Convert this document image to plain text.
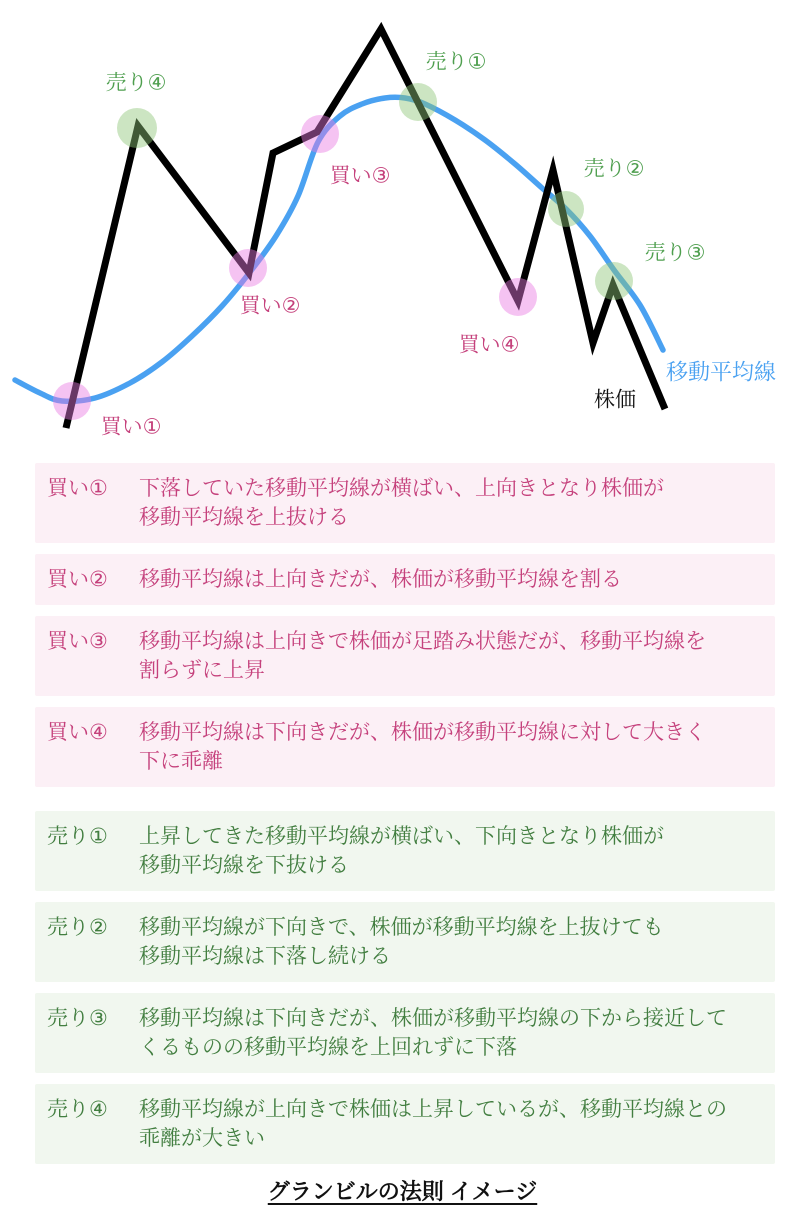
買い①
買い②
買い③
買い④
売り①
売り②
売り③
売り④
株価
移動平均線
買い①	下落していた移動平均線が横ばい、上向きとなり株価が
移動平均線を上抜ける
買い②	移動平均線は上向きだが、株価が移動平均線を割る
買い③	移動平均線は上向きで株価が足踏み状態だが、移動平均線を
割らずに上昇
買い④	移動平均線は下向きだが、株価が移動平均線に対して大きく
下に乖離
売り①	上昇してきた移動平均線が横ばい、下向きとなり株価が
移動平均線を下抜ける
売り②	移動平均線が下向きで、株価が移動平均線を上抜けても
移動平均線は下落し続ける
売り③	移動平均線は下向きだが、株価が移動平均線の下から接近して
くるものの移動平均線を上回れずに下落
売り④	移動平均線が上向きで株価は上昇しているが、移動平均線との
乖離が大きい
グランビルの法則 イメージ
